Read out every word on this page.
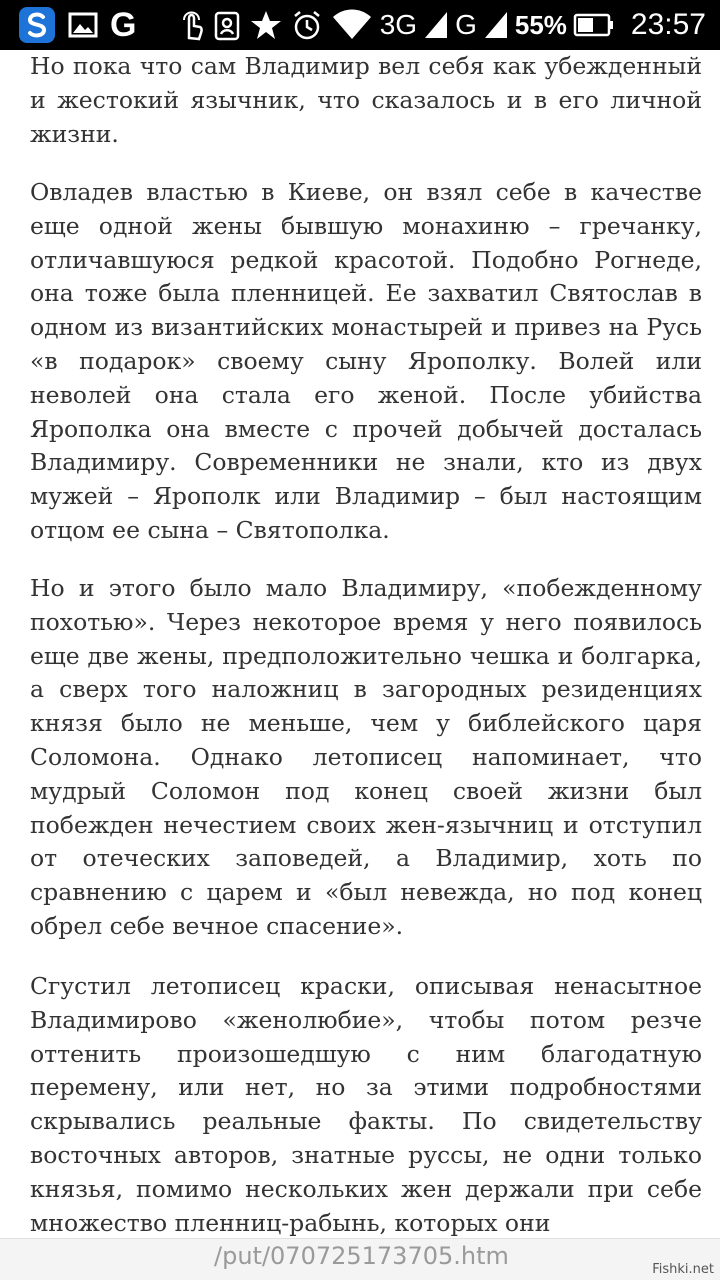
G	3G G 55% 23:57

Но пока что сам Владимир вел себя как убежденный и жестокий язычник, что сказалось и в его личной жизни.

Овладев властью в Киеве, он взял себе в качестве еще одной жены бывшую монахиню – гречанку, отличавшуюся редкой красотой. Подобно Рогнеде, она тоже была пленницей. Ее захватил Святослав в одном из византийских монастырей и привез на Русь «в подарок» своему сыну Ярополку. Волей или неволей она стала его женой. После убийства Ярополка она вместе с прочей добычей досталась Владимиру. Современники не знали, кто из двух мужей – Ярополк или Владимир – был настоящим отцом ее сына – Святополка.

Но и этого было мало Владимиру, «побежденному похотью». Через некоторое время у него появилось еще две жены, предположительно чешка и болгарка, а сверх того наложниц в загородных резиденциях князя было не меньше, чем у библейского царя Соломона. Однако летописец напоминает, что мудрый Соломон под конец своей жизни был побежден нечестием своих жен-язычниц и отступил от отеческих заповедей, а Владимир, хоть по сравнению с царем и «был невежда, но под конец обрел себе вечное спасение».

Сгустил летописец краски, описывая ненасытное Владимирово «женолюбие», чтобы потом резче оттенить произошедшую с ним благодатную перемену, или нет, но за этими подробностями скрывались реальные факты. По свидетельству восточных авторов, знатные руссы, не одни только князья, помимо нескольких жен держали при себе множество пленниц-рабынь, которых они

/put/070725173705.htm	Fishki.net
